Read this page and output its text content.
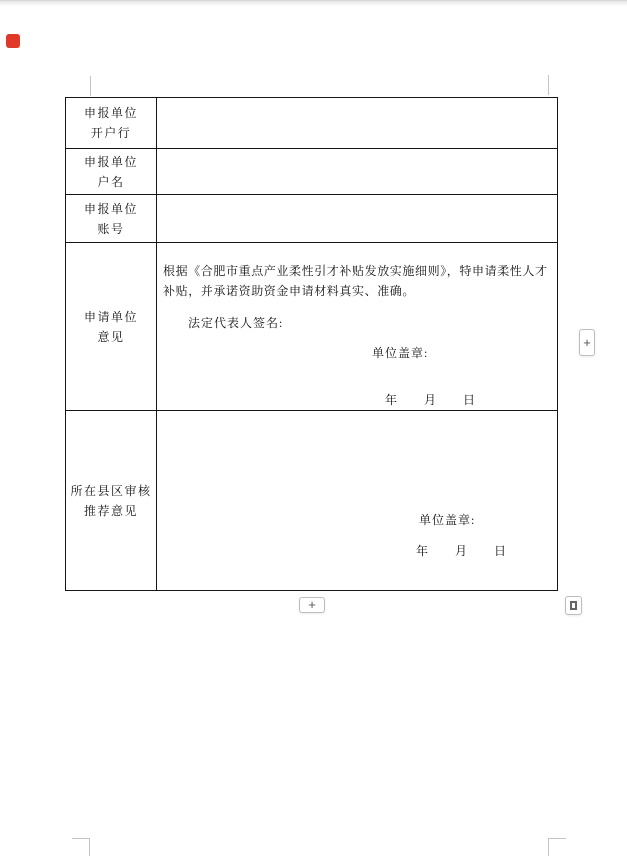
申报单位
开户行
申报单位
户名
申报单位
账号
申请单位
意见
根据《合肥市重点产业柔性引才补贴发放实施细则》，特申请柔性人才
补贴，并承诺资助资金申请材料真实、准确。
法定代表人签名:
单位盖章:
年　　月　　日
所在县区审核
推荐意见
单位盖章:
年　　月　　日
+
+
